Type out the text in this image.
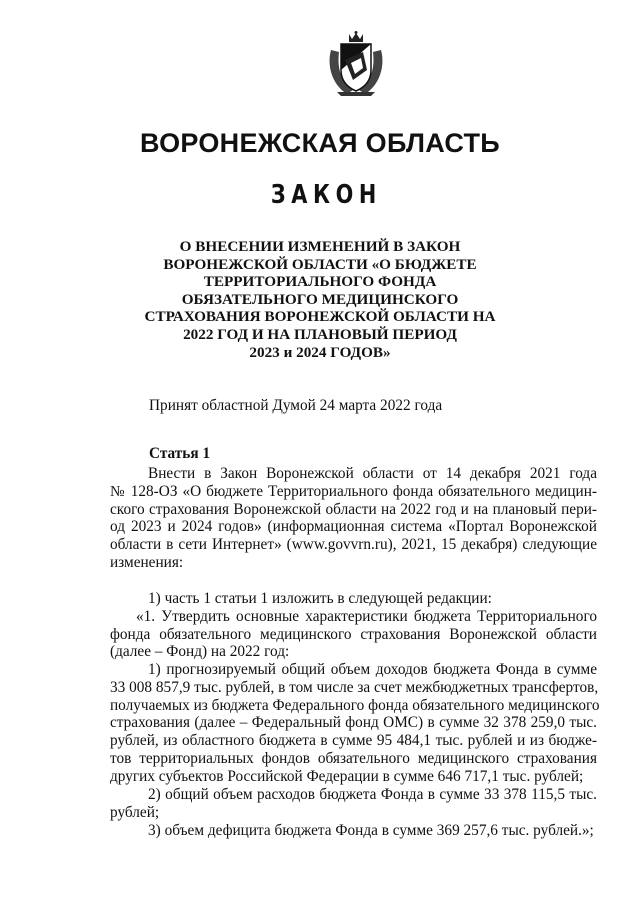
ВОРОНЕЖСКАЯ ОБЛАСТЬ
ЗАКОН
О ВНЕСЕНИИ ИЗМЕНЕНИЙ В ЗАКОН
ВОРОНЕЖСКОЙ ОБЛАСТИ «О БЮДЖЕТЕ
ТЕРРИТОРИАЛЬНОГО ФОНДА
ОБЯЗАТЕЛЬНОГО МЕДИЦИНСКОГО
СТРАХОВАНИЯ ВОРОНЕЖСКОЙ ОБЛАСТИ НА
2022 ГОД И НА ПЛАНОВЫЙ ПЕРИОД
2023 и 2024 ГОДОВ»
Принят областной Думой 24 марта 2022 года
Статья 1
Внести в Закон Воронежской области от 14 декабря 2021 года
№ 128-ОЗ «О бюджете Территориального фонда обязательного медицин-
ского страхования Воронежской области на 2022 год и на плановый пери-
од 2023 и 2024 годов» (информационная система «Портал Воронежской
области в сети Интернет» (www.govvrn.ru), 2021, 15 декабря) следующие
изменения:
1) часть 1 статьи 1 изложить в следующей редакции:
«1. Утвердить основные характеристики бюджета Территориального
фонда обязательного медицинского страхования Воронежской области
(далее – Фонд) на 2022 год:
1) прогнозируемый общий объем доходов бюджета Фонда в сумме
33 008 857,9 тыс. рублей, в том числе за счет межбюджетных трансфертов,
получаемых из бюджета Федерального фонда обязательного медицинского
страхования (далее – Федеральный фонд ОМС) в сумме 32 378 259,0 тыс.
рублей, из областного бюджета в сумме 95 484,1 тыс. рублей и из бюдже-
тов территориальных фондов обязательного медицинского страхования
других субъектов Российской Федерации в сумме 646 717,1 тыс. рублей;
2) общий объем расходов бюджета Фонда в сумме 33 378 115,5 тыс.
рублей;
3) объем дефицита бюджета Фонда в сумме 369 257,6 тыс. рублей.»;
